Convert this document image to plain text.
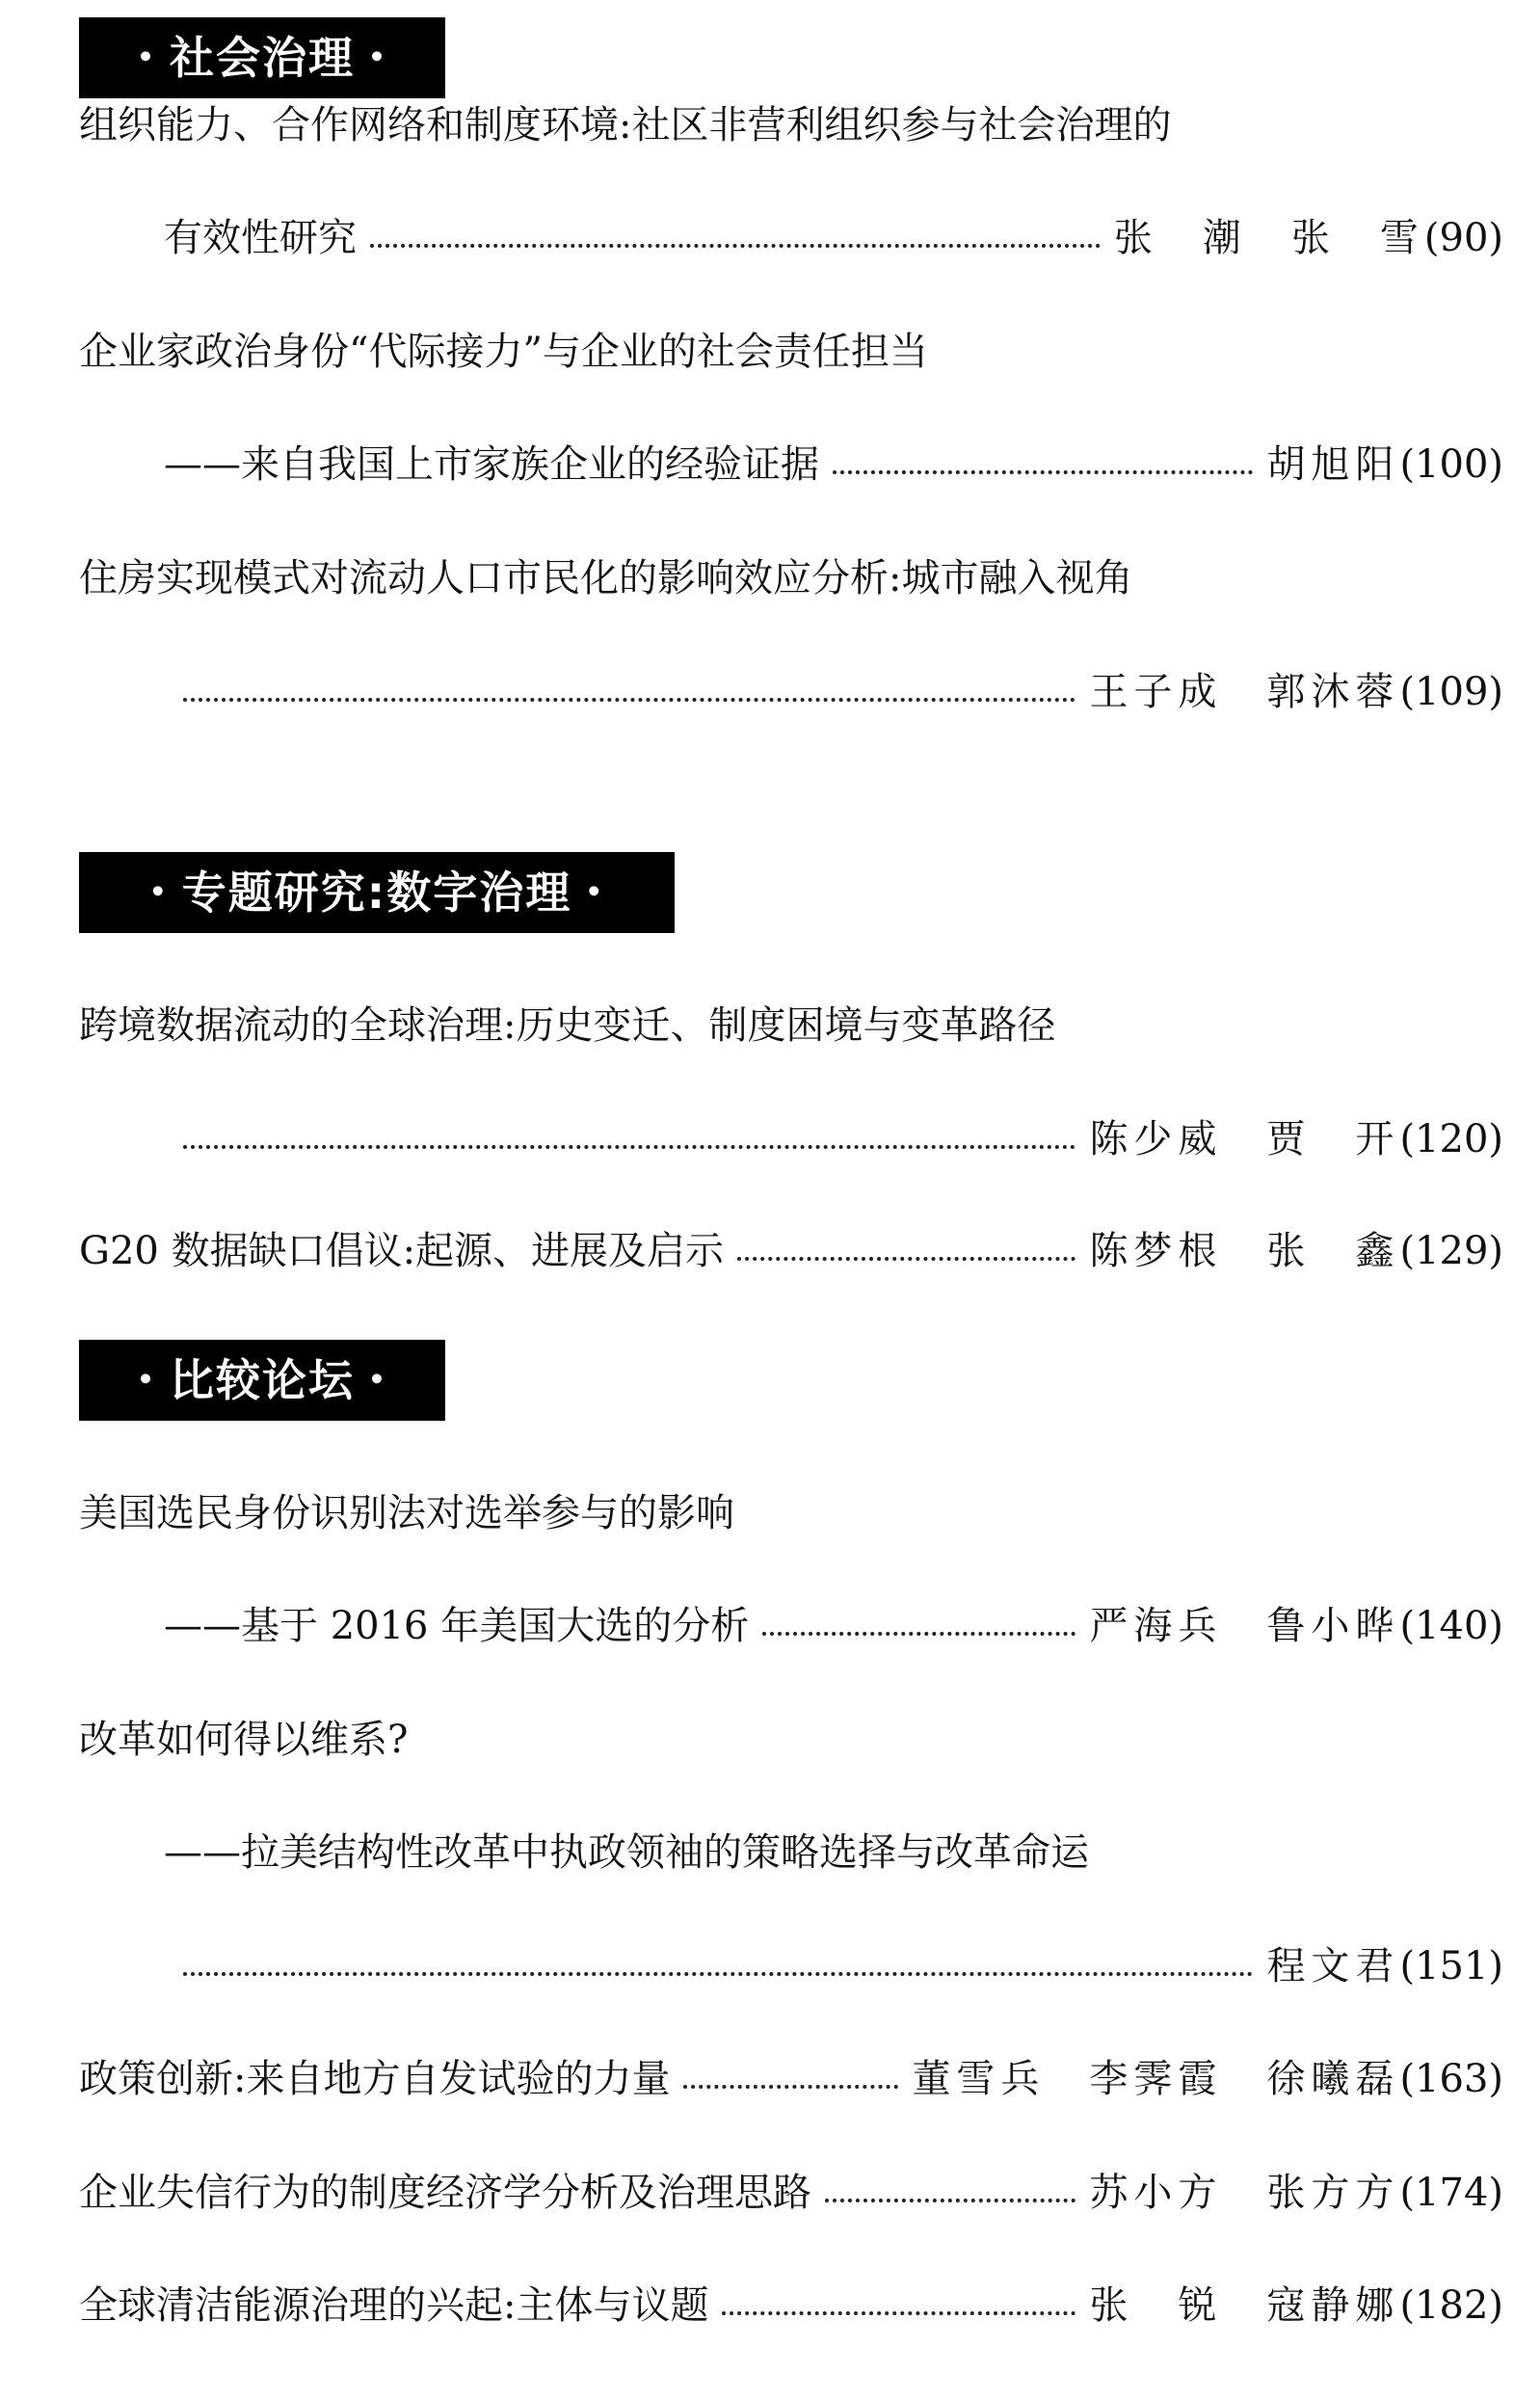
・社会治理・
组织能力、合作网络和制度环境:社区非营利组织参与社会治理的
有效性研究	张　潮　张　雪 (90)
企业家政治身份“代际接力”与企业的社会责任担当
——来自我国上市家族企业的经验证据	胡旭阳 (100)
住房实现模式对流动人口市民化的影响效应分析:城市融入视角
王子成　郭沐蓉 (109)
・专题研究:数字治理・
跨境数据流动的全球治理:历史变迁、制度困境与变革路径
陈少威　贾　开 (120)
G20 数据缺口倡议:起源、进展及启示	陈梦根　张　鑫 (129)
・比较论坛・
美国选民身份识别法对选举参与的影响
——基于 2016 年美国大选的分析	严海兵　鲁小晔 (140)
改革如何得以维系?
——拉美结构性改革中执政领袖的策略选择与改革命运
程文君 (151)
政策创新:来自地方自发试验的力量	董雪兵　李霁霞　徐曦磊 (163)
企业失信行为的制度经济学分析及治理思路	苏小方　张方方 (174)
全球清洁能源治理的兴起:主体与议题	张　锐　寇静娜 (182)
